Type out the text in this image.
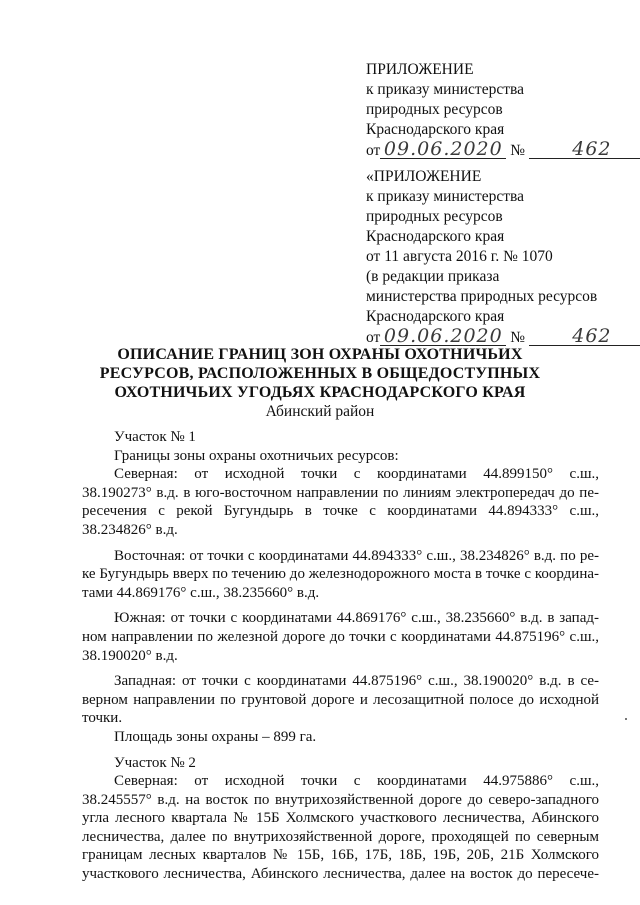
ПРИЛОЖЕНИЕ
к приказу министерства
природных ресурсов
Краснодарского края
от 09.06.2020 № 462
«ПРИЛОЖЕНИЕ
к приказу министерства
природных ресурсов
Краснодарского края
от 11 августа 2016 г. № 1070
(в редакции приказа
министерства природных ресурсов
Краснодарского края
от 09.06.2020 № 462
ОПИСАНИЕ ГРАНИЦ ЗОН ОХРАНЫ ОХОТНИЧЬИХ
РЕСУРСОВ, РАСПОЛОЖЕННЫХ В ОБЩЕДОСТУПНЫХ
ОХОТНИЧЬИХ УГОДЬЯХ КРАСНОДАРСКОГО КРАЯ
Абинский район

Участок № 1

Границы зоны охраны охотничьих ресурсов:

Северная: от исходной точки с координатами 44.899150° с.ш.,

38.190273° в.д. в юго-восточном направлении по линиям электропередач до пе-

ресечения с рекой Бугундырь в точке с координатами 44.894333° с.ш.,

38.234826° в.д.

Восточная: от точки с координатами 44.894333° с.ш., 38.234826° в.д. по ре-

ке Бугундырь вверх по течению до железнодорожного моста в точке с координа-

тами 44.869176° с.ш., 38.235660° в.д.

Южная: от точки с координатами 44.869176° с.ш., 38.235660° в.д. в запад-

ном направлении по железной дороге до точки с координатами 44.875196° с.ш.,

38.190020° в.д.

Западная: от точки с координатами 44.875196° с.ш., 38.190020° в.д. в се-

верном направлении по грунтовой дороге и лесозащитной полосе до исходной

точки.

Площадь зоны охраны – 899 га.

Участок № 2

Северная: от исходной точки с координатами 44.975886° с.ш.,

38.245557° в.д. на восток по внутрихозяйственной дороге до северо-западного

угла лесного квартала № 15Б Холмского участкового лесничества, Абинского

лесничества, далее по внутрихозяйственной дороге, проходящей по северным

границам лесных кварталов № 15Б, 16Б, 17Б, 18Б, 19Б, 20Б, 21Б Холмского

участкового лесничества, Абинского лесничества, далее на восток до пересече-
